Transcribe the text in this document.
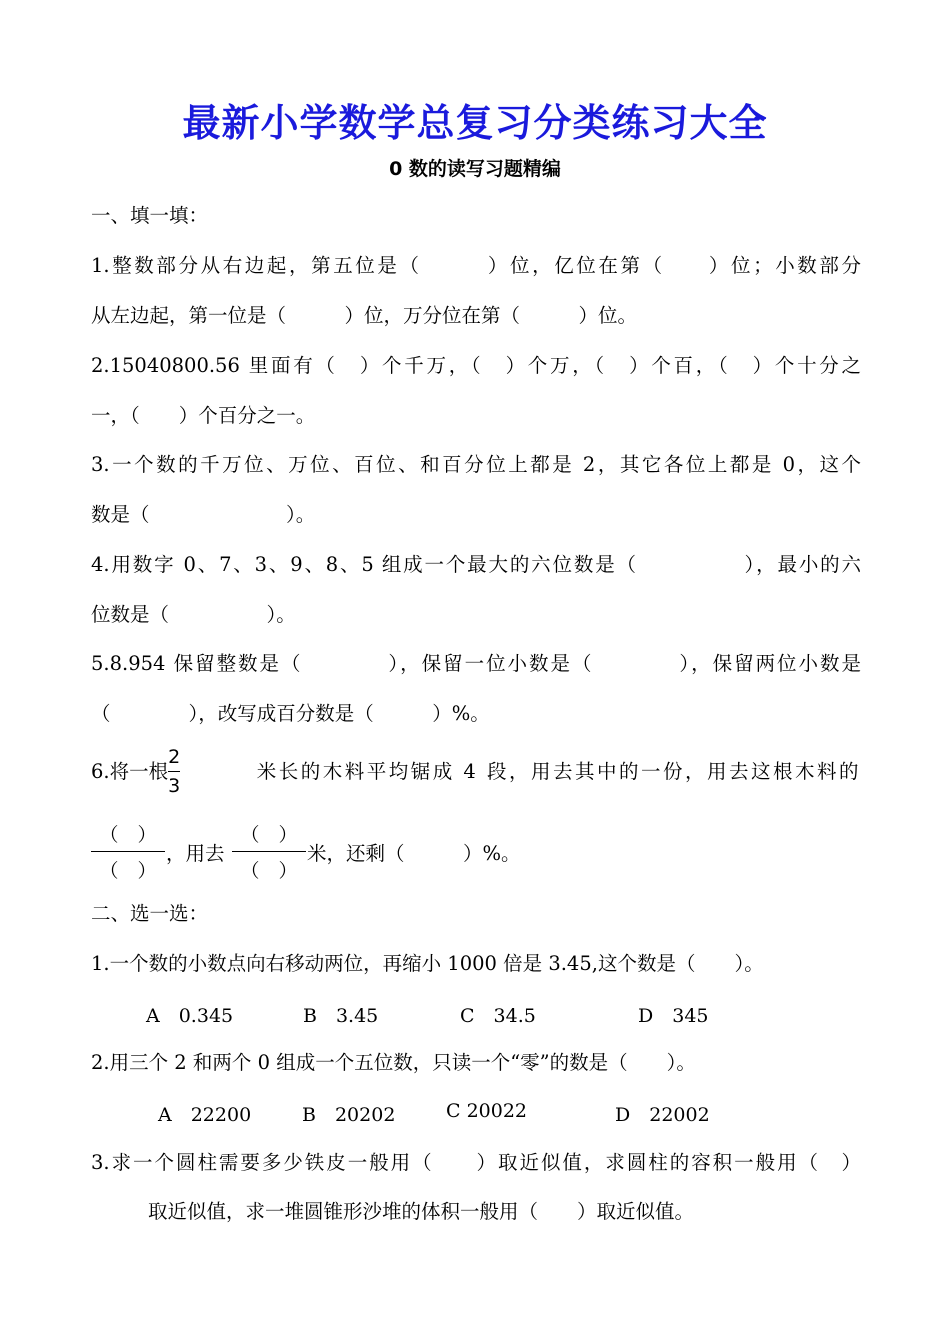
最新小学数学总复习分类练习大全
0 数的读写习题精编
一、填一填：
1.整数部分从右边起，第五位是（　　　）位，亿位在第（　　）位；小数部分
从左边起，第一位是（　　　）位，万分位在第（　　　）位。
2.15040800.56 里面有（　）个千万，（　）个万，（　）个百，（　）个十分之
一，（　　）个百分之一。
3.一个数的千万位、万位、百位、和百分位上都是 2，其它各位上都是 0，这个
数是（　　　　　　　）。
4.用数字 0、7、3、9、8、5 组成一个最大的六位数是（　　　　　），最小的六
位数是（　　　　　）。
5.8.954 保留整数是（　　　　），保留一位小数是（　　　　），保留两位小数是
（　　　　），改写成百分数是（　　　）%。
6.将一根 $\frac{2}{3}$	米长的木料平均锯成 4 段，用去其中的一份，用去这根木料的
（　）
（　）
，用去
（　）
（　）
米，还剩（　　　）%。
二、选一选：
1.一个数的小数点向右移动两位，再缩小 1000 倍是 3.45,这个数是（　　）。
A　0.345	B　3.45	C　34.5	D　345
2.用三个 2 和两个 0 组成一个五位数，只读一个“零”的数是（　　）。
A　22200	B　20202	C 20022	D　22002
3.求一个圆柱需要多少铁皮一般用（　　）取近似值，求圆柱的容积一般用（　）
取近似值，求一堆圆锥形沙堆的体积一般用（　　）取近似值。
